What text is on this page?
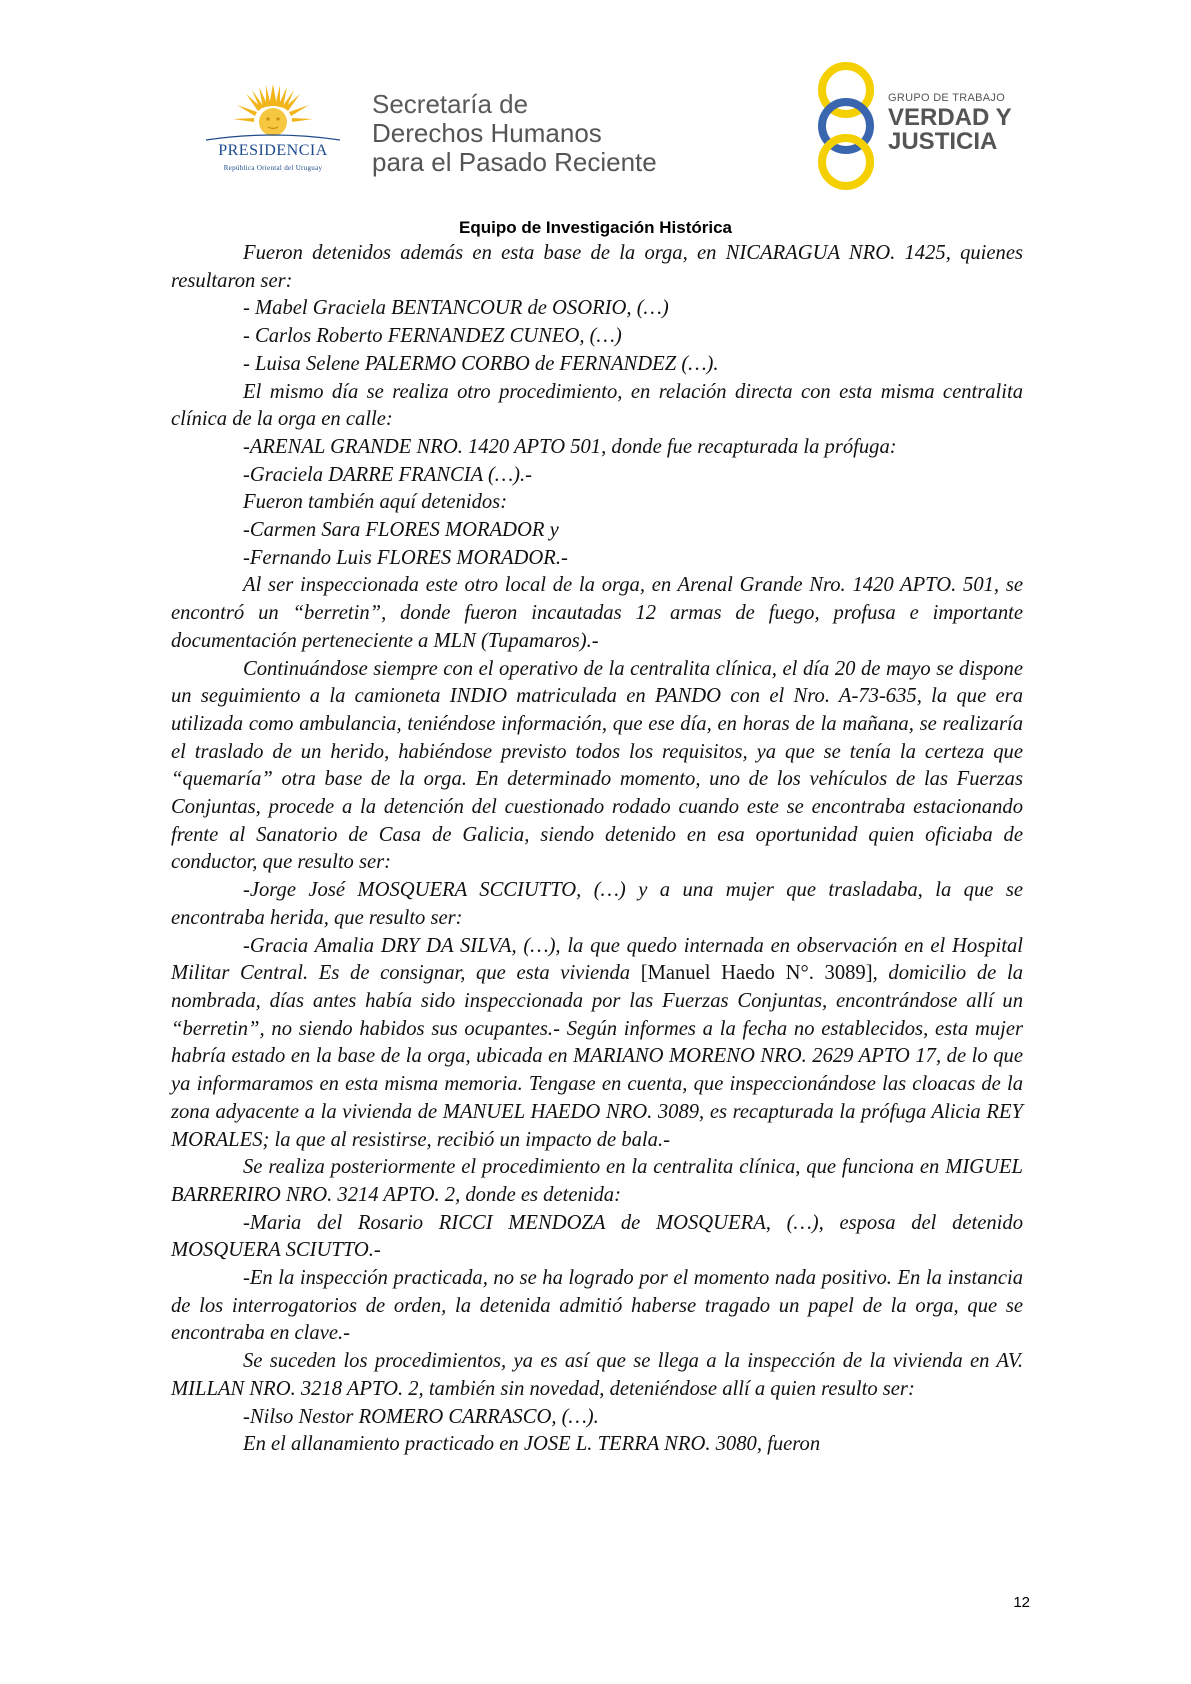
PRESIDENCIA
República Oriental del Uruguay
Secretaría de
Derechos Humanos
para el Pasado Reciente
GRUPO DE TRABAJO
VERDAD Y
JUSTICIA
Equipo de Investigación Histórica

Fueron detenidos además en esta base de la orga, en NICARAGUA NRO. 1425, quienes resultaron ser:

- Mabel Graciela BENTANCOUR de OSORIO, (…)

- Carlos Roberto FERNANDEZ CUNEO, (…)

- Luisa Selene PALERMO CORBO de FERNANDEZ (…).

El mismo día se realiza otro procedimiento, en relación directa con esta misma centralita clínica de la orga en calle:

-ARENAL GRANDE NRO. 1420 APTO 501, donde fue recapturada la prófuga:

-Graciela DARRE FRANCIA (…).-

Fueron también aquí detenidos:

-Carmen Sara FLORES MORADOR y

-Fernando Luis FLORES MORADOR.-

Al ser inspeccionada este otro local de la orga, en Arenal Grande Nro. 1420 APTO. 501, se encontró un “berretin”, donde fueron incautadas 12 armas de fuego, profusa e importante documentación perteneciente a MLN (Tupamaros).-

Continuándose siempre con el operativo de la centralita clínica, el día 20 de mayo se dispone un seguimiento a la camioneta INDIO matriculada en PANDO con el Nro. A-73-635, la que era utilizada como ambulancia, teniéndose información, que ese día, en horas de la mañana, se realizaría el traslado de un herido, habiéndose previsto todos los requisitos, ya que se tenía la certeza que “quemaría” otra base de la orga. En determinado momento, uno de los vehículos de las Fuerzas Conjuntas, procede a la detención del cuestionado rodado cuando este se encontraba estacionando frente al Sanatorio de Casa de Galicia, siendo detenido en esa oportunidad quien oficiaba de conductor, que resulto ser:

-Jorge José MOSQUERA SCCIUTTO, (…) y a una mujer que trasladaba, la que se encontraba herida, que resulto ser:

-Gracia Amalia DRY DA SILVA, (…), la que quedo internada en observación en el Hospital Militar Central. Es de consignar, que esta vivienda [Manuel Haedo N°. 3089], domicilio de la nombrada, días antes había sido inspeccionada por las Fuerzas Conjuntas, encontrándose allí un “berretin”, no siendo habidos sus ocupantes.- Según informes a la fecha no establecidos, esta mujer habría estado en la base de la orga, ubicada en MARIANO MORENO NRO. 2629 APTO 17, de lo que ya informaramos en esta misma memoria. Tengase en cuenta, que inspeccionándose las cloacas de la zona adyacente a la vivienda de MANUEL HAEDO NRO. 3089, es recapturada la prófuga Alicia REY MORALES; la que al resistirse, recibió un impacto de bala.-

Se realiza posteriormente el procedimiento en la centralita clínica, que funciona en MIGUEL BARRERIRO NRO. 3214 APTO. 2, donde es detenida:

-Maria del Rosario RICCI MENDOZA de MOSQUERA, (…), esposa del detenido MOSQUERA SCIUTTO.-

-En la inspección practicada, no se ha logrado por el momento nada positivo. En la instancia de los interrogatorios de orden, la detenida admitió haberse tragado un papel de la orga, que se encontraba en clave.-

Se suceden los procedimientos, ya es así que se llega a la inspección de la vivienda en AV. MILLAN NRO. 3218 APTO. 2, también sin novedad, deteniéndose allí a quien resulto ser:

-Nilso Nestor ROMERO CARRASCO, (…).

En el allanamiento practicado en JOSE L. TERRA NRO. 3080, fueron

12
